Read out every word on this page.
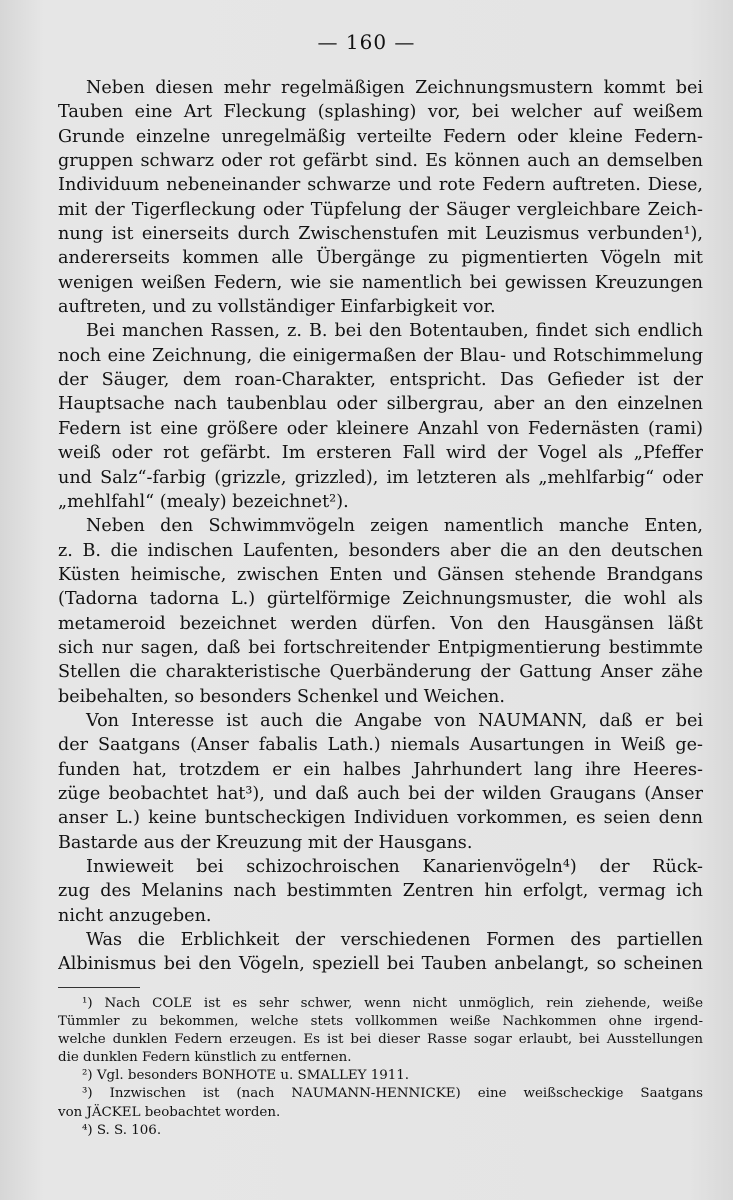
— 160 —
Neben diesen mehr regelmäßigen Zeichnungsmustern kommt bei
Tauben eine Art Fleckung (splashing) vor, bei welcher auf weißem
Grunde einzelne unregelmäßig verteilte Federn oder kleine Federn-
gruppen schwarz oder rot gefärbt sind. Es können auch an demselben
Individuum nebeneinander schwarze und rote Federn auftreten. Diese,
mit der Tigerfleckung oder Tüpfelung der Säuger vergleichbare Zeich-
nung ist einerseits durch Zwischenstufen mit Leuzismus verbunden¹),
andererseits kommen alle Übergänge zu pigmentierten Vögeln mit
wenigen weißen Federn, wie sie namentlich bei gewissen Kreuzungen
auftreten, und zu vollständiger Einfarbigkeit vor.
Bei manchen Rassen, z. B. bei den Botentauben, findet sich endlich
noch eine Zeichnung, die einigermaßen der Blau- und Rotschimmelung
der Säuger, dem roan-Charakter, entspricht. Das Gefieder ist der
Hauptsache nach taubenblau oder silbergrau, aber an den einzelnen
Federn ist eine größere oder kleinere Anzahl von Federnästen (rami)
weiß oder rot gefärbt. Im ersteren Fall wird der Vogel als „Pfeffer
und Salz“-farbig (grizzle, grizzled), im letzteren als „mehlfarbig“ oder
„mehlfahl“ (mealy) bezeichnet²).
Neben den Schwimmvögeln zeigen namentlich manche Enten,
z. B. die indischen Laufenten, besonders aber die an den deutschen
Küsten heimische, zwischen Enten und Gänsen stehende Brandgans
(Tadorna tadorna L.) gürtelförmige Zeichnungsmuster, die wohl als
metameroid bezeichnet werden dürfen. Von den Hausgänsen läßt
sich nur sagen, daß bei fortschreitender Entpigmentierung bestimmte
Stellen die charakteristische Querbänderung der Gattung Anser zähe
beibehalten, so besonders Schenkel und Weichen.
Von Interesse ist auch die Angabe von NAUMANN, daß er bei
der Saatgans (Anser fabalis Lath.) niemals Ausartungen in Weiß ge-
funden hat, trotzdem er ein halbes Jahrhundert lang ihre Heeres-
züge beobachtet hat³), und daß auch bei der wilden Graugans (Anser
anser L.) keine buntscheckigen Individuen vorkommen, es seien denn
Bastarde aus der Kreuzung mit der Hausgans.
Inwieweit bei schizochroischen Kanarienvögeln⁴) der Rück-
zug des Melanins nach bestimmten Zentren hin erfolgt, vermag ich
nicht anzugeben.
Was die Erblichkeit der verschiedenen Formen des partiellen
Albinismus bei den Vögeln, speziell bei Tauben anbelangt, so scheinen
¹) Nach COLE ist es sehr schwer, wenn nicht unmöglich, rein ziehende, weiße
Tümmler zu bekommen, welche stets vollkommen weiße Nachkommen ohne irgend-
welche dunklen Federn erzeugen. Es ist bei dieser Rasse sogar erlaubt, bei Ausstellungen
die dunklen Federn künstlich zu entfernen.
²) Vgl. besonders BONHOTE u. SMALLEY 1911.
³) Inzwischen ist (nach NAUMANN-HENNICKE) eine weißscheckige Saatgans
von JÄCKEL beobachtet worden.
⁴) S. S. 106.
